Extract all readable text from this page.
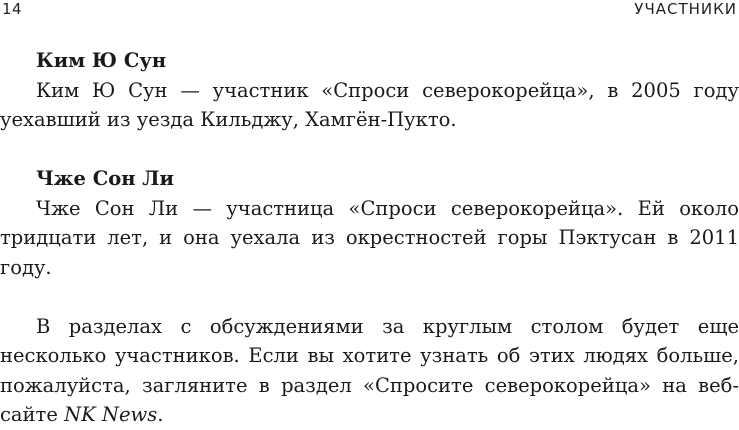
14	УЧАСТНИКИ

Ким Ю Сун

Ким Ю Сун — участник «Спроси северокорейца», в 2005 году уехавший из уезда Кильджу, Хамгён-Пукто.

Чже Сон Ли

Чже Сон Ли — участница «Спроси северокорейца». Ей около тридцати лет, и она уехала из окрестностей горы Пэктусан в 2011 году.

В разделах с обсуждениями за круглым столом будет еще несколько участников. Если вы хотите узнать об этих людях больше, пожалуйста, загляните в раздел «Спросите северокорейца» на веб-сайте NK News.
